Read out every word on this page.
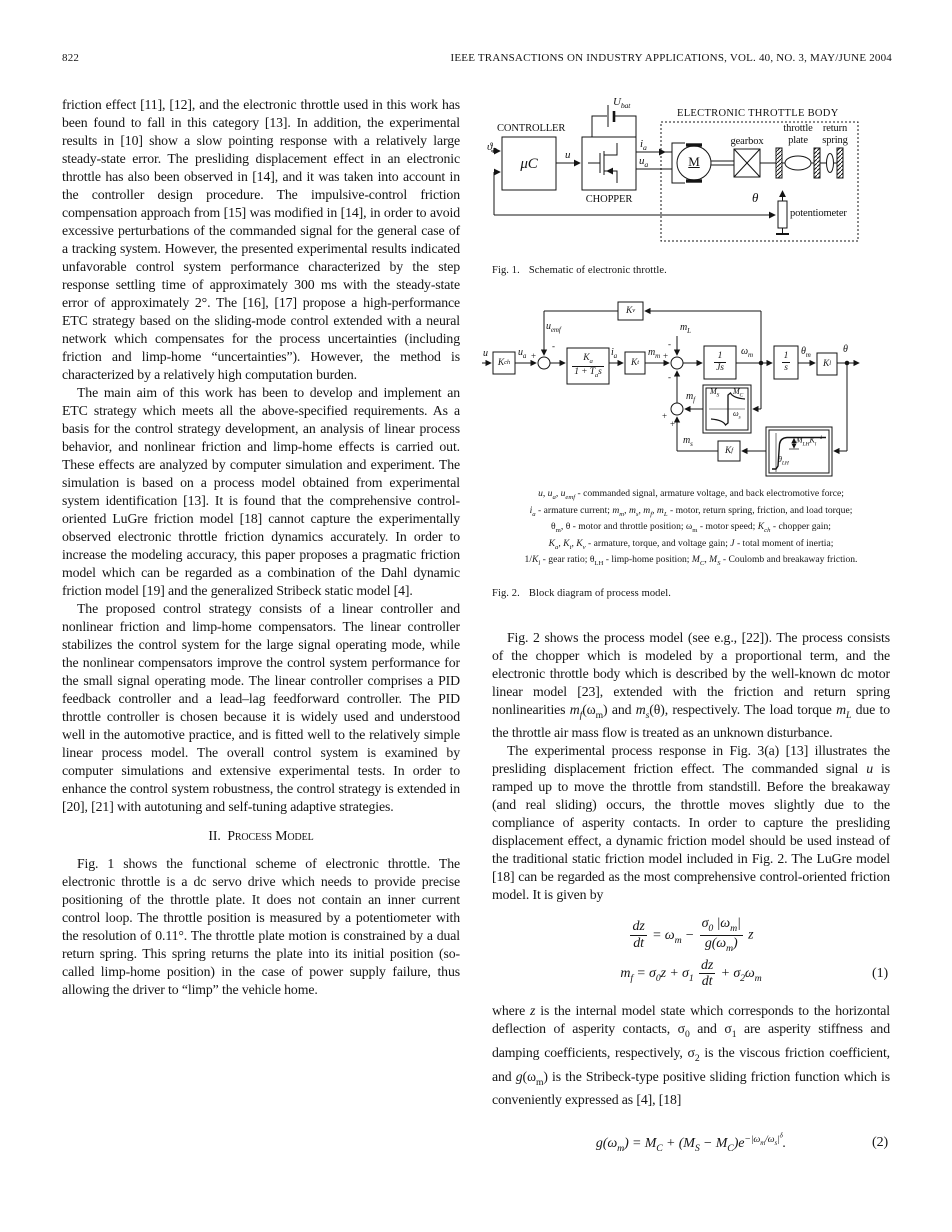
822	IEEE TRANSACTIONS ON INDUSTRY APPLICATIONS, VOL. 40, NO. 3, MAY/JUNE 2004

friction effect [11], [12], and the electronic throttle used in this work has been found to fall in this category [13]. In addition, the experimental results in [10] show a slow pointing response with a relatively large steady-state error. The presliding displacement effect in an electronic throttle has also been observed in [14], and it was taken into account in the controller design procedure. The impulsive-control friction compensation approach from [15] was modified in [14], in order to avoid excessive perturbations of the commanded signal for the general case of a tracking system. However, the presented experimental results indicated unfavorable control system performance characterized by the step response settling time of approximately 300 ms with the steady-state error of approximately 2°. The [16], [17] propose a high-performance ETC strategy based on the sliding-mode control extended with a neural network which compensates for the process uncertainties (including friction and limp-home “uncertainties”). However, the method is characterized by a relatively high computation burden.

The main aim of this work has been to develop and implement an ETC strategy which meets all the above-specified requirements. As a basis for the control strategy development, an analysis of linear process behavior, and nonlinear friction and limp-home effects is carried out. These effects are analyzed by computer simulation and experiment. The simulation is based on a process model obtained from experimental system identification [13]. It is found that the comprehensive control-oriented LuGre friction model [18] cannot capture the experimentally observed electronic throttle friction dynamics accurately. In order to increase the modeling accuracy, this paper proposes a pragmatic friction model which can be regarded as a combination of the Dahl dynamic friction model [19] and the generalized Stribeck static model [4].

The proposed control strategy consists of a linear controller and nonlinear friction and limp-home compensators. The linear controller stabilizes the control system for the large signal operating mode, while the nonlinear compensators improve the control system performance for the small signal operating mode. The linear controller comprises a PID feedback controller and a lead–lag feedforward controller. The PID throttle controller is chosen because it is widely used and understood well in the automotive practice, and is fitted well to the relatively simple linear process model. The overall control system is examined by computer simulations and extensive experimental tests. In order to enhance the control system robustness, the control strategy is extended in [20], [21] with autotuning and self-tuning adaptive strategies.

II. Process Model

Fig. 1 shows the functional scheme of electronic throttle. The electronic throttle is a dc servo drive which needs to provide precise positioning of the throttle plate. It does not contain an inner current control loop. The throttle position is measured by a potentiometer with the resolution of 0.11°. The throttle plate motion is constrained by a dual return spring. This spring returns the plate into its initial position (so-called limp-home position) in the case of power supply failure, thus allowing the driver to “limp” the vehicle home.

$ϑ_R$
CONTROLLER
μC
u
$U_{bat}$
CHOPPER
$i_a$
$u_a$
ELECTRONIC THROTTLE BODY
M
gearbox
throttle
plate
return
spring
θ
potentiometer
Fig. 1. Schematic of electronic throttle.
u
K ch
$u_a$ +
$u_{emf}$
-
K v
$\frac{K_a}{1 + T_as}$
$i_a$
K t
$m_m$ +
$m_L$
-
-
$\frac{1}{Js} \omega_m$	$\frac{1}{s} \theta_m$
K l
θ
$m_f$
+
+
$m_s$
K f
$M_S$ $M_C$
$\omega_s$
$M_{LH}K_l^{-1}$
$\theta_{LH}$
u, $u_a$, $u_{emf}$ - commanded signal, armature voltage, and back electromotive force;
$i_a$ - armature current; $m_m$, $m_s$, $m_f$, $m_L$ - motor, return spring, friction, and load torque;
$\theta_m$, θ - motor and throttle position; $\omega_m$ - motor speed; $K_{ch}$ - chopper gain;
$K_a$, $K_t$, $K_v$ - armature, torque, and voltage gain; J - total moment of inertia;
$1/K_l$ - gear ratio; $\theta_{LH}$ - limp-home position; $M_C$, $M_S$ - Coulomb and breakaway friction.
Fig. 2. Block diagram of process model.

Fig. 2 shows the process model (see e.g., [22]). The process consists of the chopper which is modeled by a proportional term, and the electronic throttle body which is described by the well-known dc motor linear model [23], extended with the friction and return spring nonlinearities $m_f(\omega_m)$ and $m_s(\theta)$, respectively. The load torque $m_L$ due to the throttle air mass flow is treated as an unknown disturbance.

The experimental process response in Fig. 3(a) [13] illustrates the presliding displacement friction effect. The commanded signal u is ramped up to move the throttle from standstill. Before the breakaway (and real sliding) occurs, the throttle moves slightly due to the compliance of asperity contacts. In order to capture the presliding displacement effect, a dynamic friction model should be used instead of the traditional static friction model included in Fig. 2. The LuGre model [18] can be regarded as the most comprehensive control-oriented friction model. It is given by

$\frac{dz}{dt} = \omega_m - \frac{\sigma_0 |\omega_m|}{g(\omega_m)}$ z
$m_f = \sigma_0z + \sigma_1 \frac{dz}{dt} + \sigma_2\omega_m$	(1)

where z is the internal model state which corresponds to the horizontal deflection of asperity contacts, $\sigma_0$ and $\sigma_1$ are asperity stiffness and damping coefficients, respectively, $\sigma_2$ is the viscous friction coefficient, and $g(\omega_m)$ is the Stribeck-type positive sliding friction function which is conveniently expressed as [4], [18]

$g(\omega_m) = M_C + (M_S - M_C)e^{-|\omega_m/\omega_s|^\delta}$.	(2)
